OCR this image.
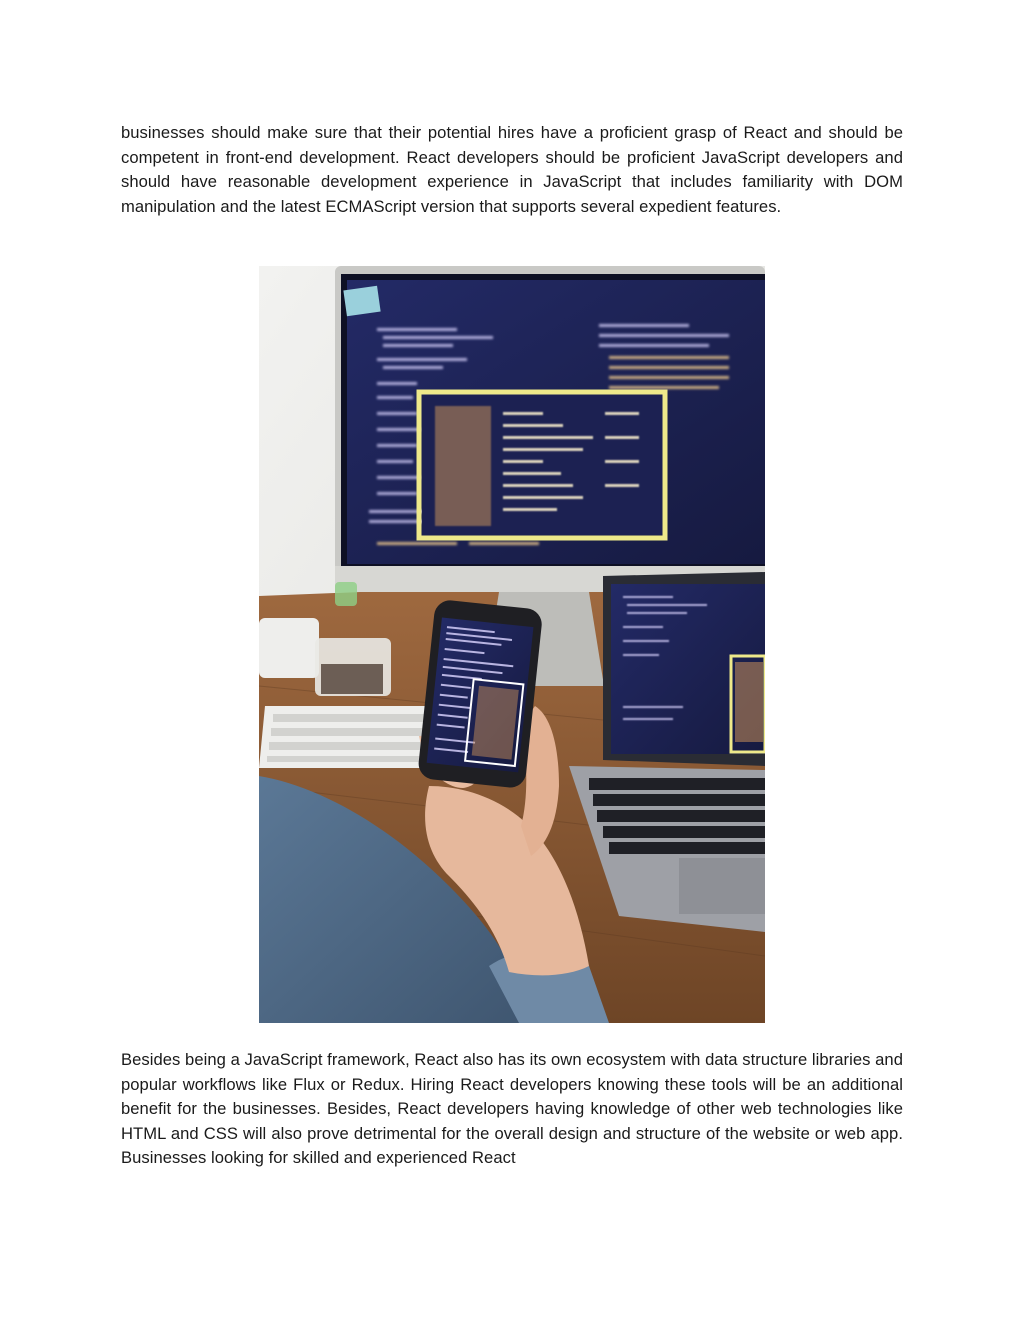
businesses should make sure that their potential hires have a proficient grasp of React and should be competent in front-end development. React developers should be proficient JavaScript developers and should have reasonable development experience in JavaScript that includes familiarity with DOM manipulation and the latest ECMAScript version that supports several expedient features.

Besides being a JavaScript framework, React also has its own ecosystem with data structure libraries and popular workflows like Flux or Redux. Hiring React developers knowing these tools will be an additional benefit for the businesses. Besides, React developers having knowledge of other web technologies like HTML and CSS will also prove detrimental for the overall design and structure of the website or web app. Businesses looking for skilled and experienced React
